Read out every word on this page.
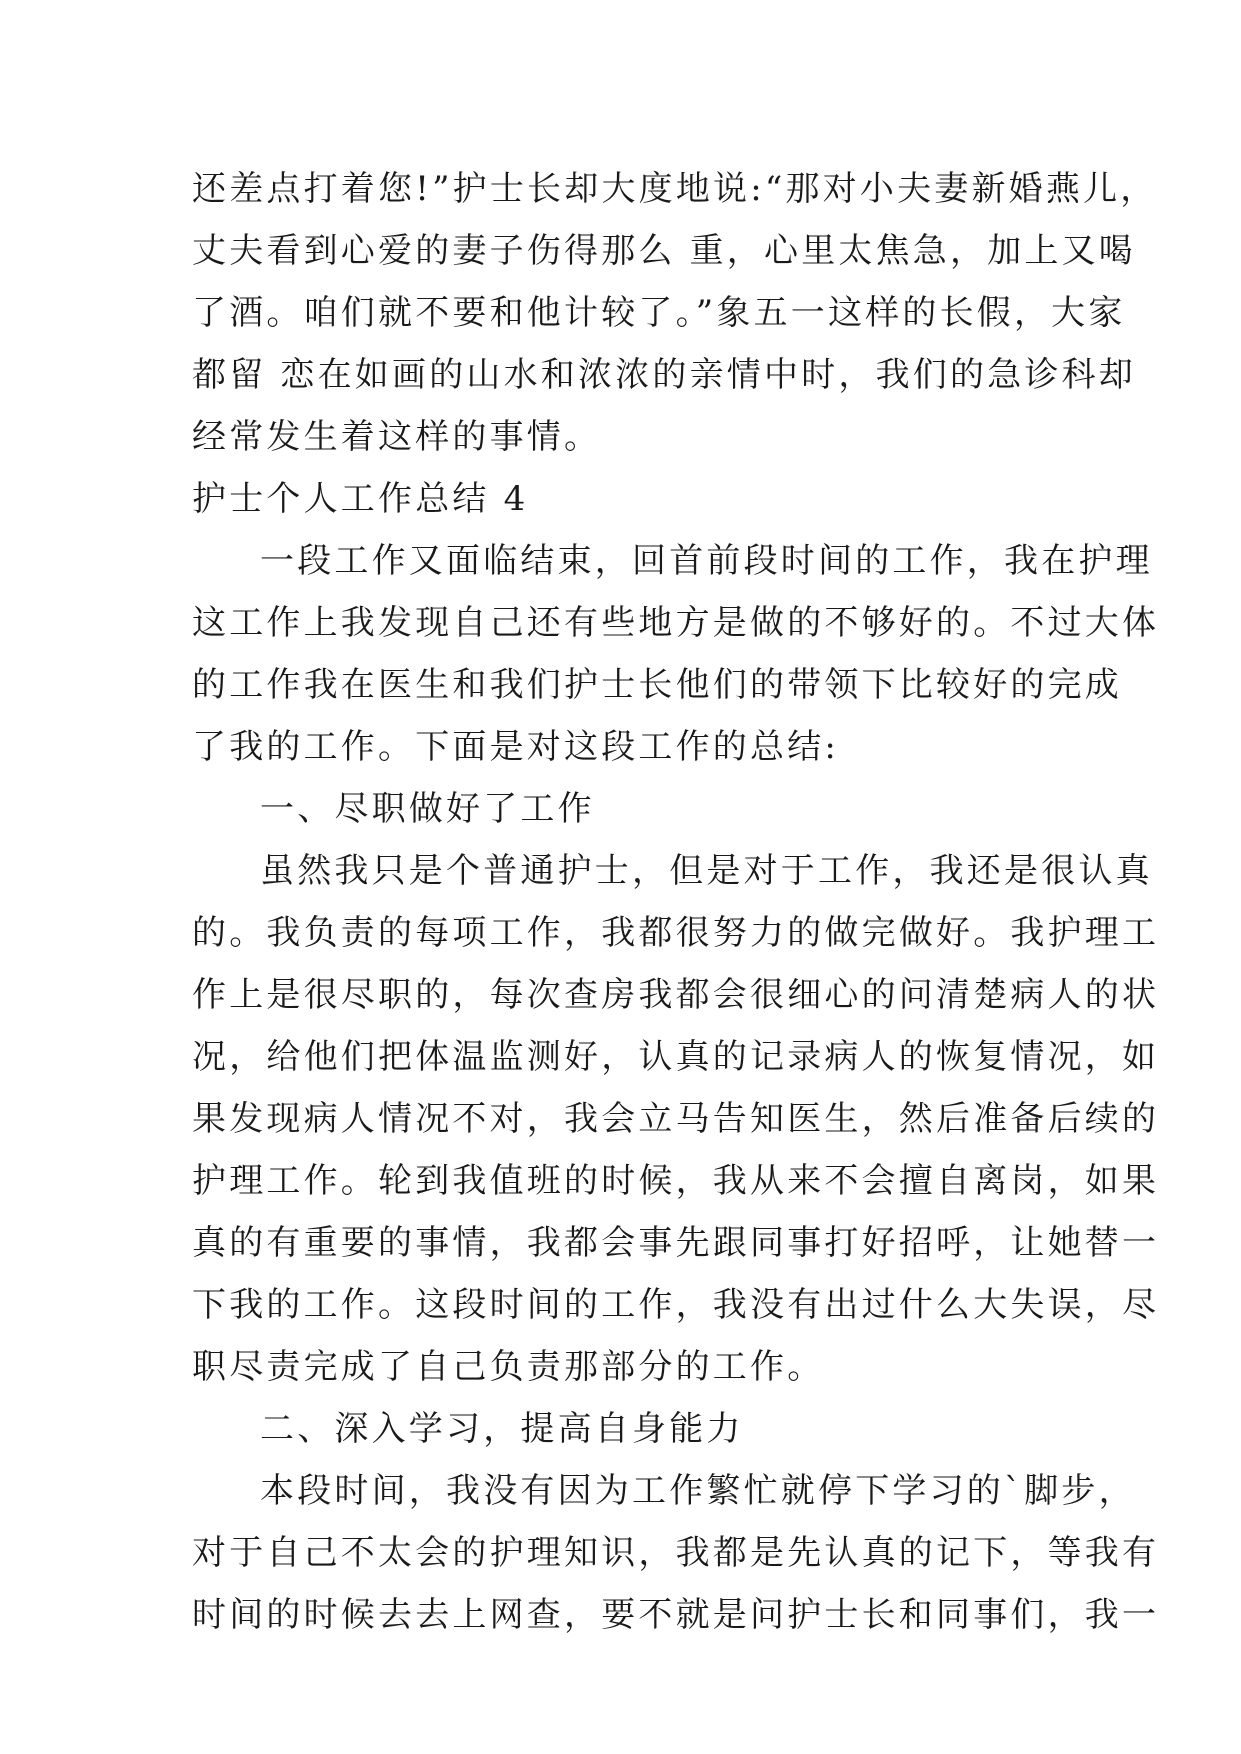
还差点打着您!”护士长却大度地说:“那对小夫妻新婚燕儿，
丈夫看到心爱的妻子伤得那么 重，心里太焦急，加上又喝
了酒。咱们就不要和他计较了。”象五一这样的长假，大家
都留 恋在如画的山水和浓浓的亲情中时，我们的急诊科却
经常发生着这样的事情。
护士个人工作总结 4
一段工作又面临结束，回首前段时间的工作，我在护理
这工作上我发现自己还有些地方是做的不够好的。不过大体
的工作我在医生和我们护士长他们的带领下比较好的完成
了我的工作。下面是对这段工作的总结:
一、尽职做好了工作
虽然我只是个普通护士，但是对于工作，我还是很认真
的。我负责的每项工作，我都很努力的做完做好。我护理工
作上是很尽职的，每次查房我都会很细心的问清楚病人的状
况，给他们把体温监测好，认真的记录病人的恢复情况，如
果发现病人情况不对，我会立马告知医生，然后准备后续的
护理工作。轮到我值班的时候，我从来不会擅自离岗，如果
真的有重要的事情，我都会事先跟同事打好招呼，让她替一
下我的工作。这段时间的工作，我没有出过什么大失误，尽
职尽责完成了自己负责那部分的工作。
二、深入学习，提高自身能力
本段时间，我没有因为工作繁忙就停下学习的`脚步，
对于自己不太会的护理知识，我都是先认真的记下，等我有
时间的时候去去上网查，要不就是问护士长和同事们，我一
